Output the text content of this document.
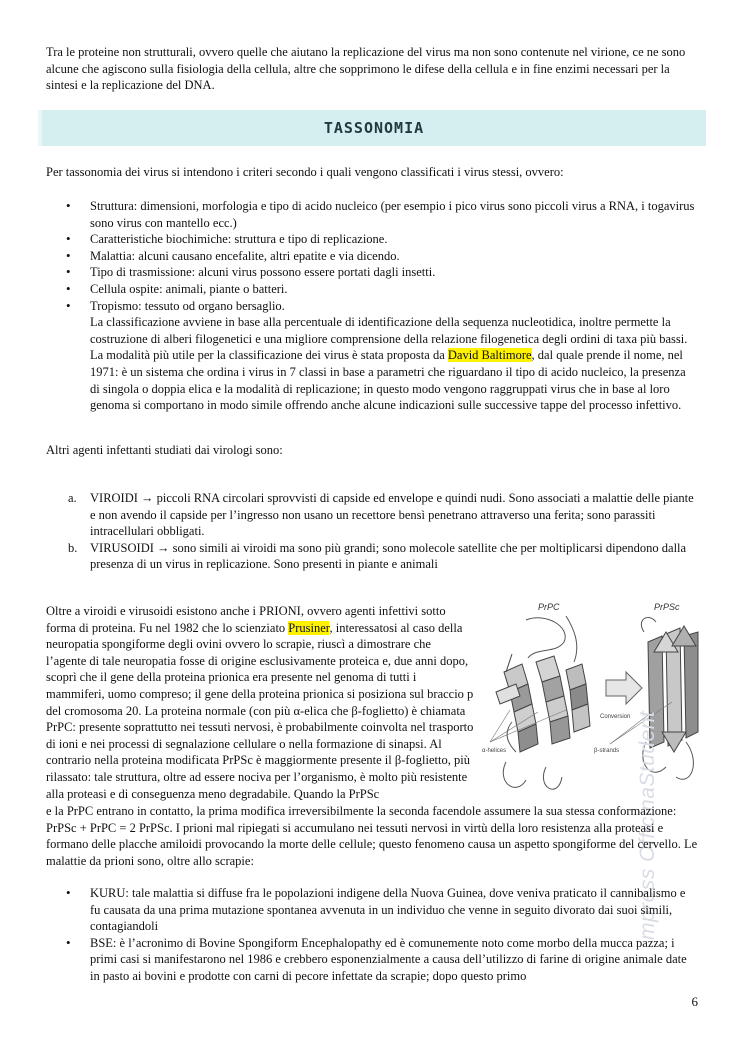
Tra le proteine non strutturali, ovvero quelle che aiutano la replicazione del virus ma non sono contenute nel virione, ce ne sono alcune che agiscono sulla fisiologia della cellula, altre che sopprimono le difese della cellula e in fine enzimi necessari per la sintesi e la replicazione del DNA.

TASSONOMIA

Per tassonomia dei virus si intendono i criteri secondo i quali vengono classificati i virus stessi, ovvero:

• Struttura: dimensioni, morfologia e tipo di acido nucleico (per esempio i pico virus sono piccoli virus a RNA, i togavirus sono virus con mantello ecc.)
• Caratteristiche biochimiche: struttura e tipo di replicazione.
• Malattia: alcuni causano encefalite, altri epatite e via dicendo.
• Tipo di trasmissione: alcuni virus possono essere portati dagli insetti.
• Cellula ospite: animali, piante o batteri.
• Tropismo: tessuto od organo bersaglio.
La classificazione avviene in base alla percentuale di identificazione della sequenza nucleotidica, inoltre permette la costruzione di alberi filogenetici e una migliore comprensione della relazione filogenetica degli ordini di taxa più bassi. La modalità più utile per la classificazione dei virus è stata proposta da David Baltimore, dal quale prende il nome, nel 1971: è un sistema che ordina i virus in 7 classi in base a parametri che riguardano il tipo di acido nucleico, la presenza di singola o doppia elica e la modalità di replicazione; in questo modo vengono raggruppati virus che in base al loro genoma si comportano in modo simile offrendo anche alcune indicazioni sulle successive tappe del processo infettivo.

Altri agenti infettanti studiati dai virologi sono:

a. VIROIDI → piccoli RNA circolari sprovvisti di capside ed envelope e quindi nudi. Sono associati a malattie delle piante e non avendo il capside per l’ingresso non usano un recettore bensì penetrano attraverso una ferita; sono parassiti intracellulari obbligati.
b. VIRUSOIDI → sono simili ai viroidi ma sono più grandi; sono molecole satellite che per moltiplicarsi dipendono dalla presenza di un virus in replicazione. Sono presenti in piante e animali

Oltre a viroidi e virusoidi esistono anche i PRIONI, ovvero agenti infettivi sotto forma di proteina. Fu nel 1982 che lo scienziato Prusiner, interessatosi al caso della neuropatia spongiforme degli ovini ovvero lo scrapie, riuscì a dimostrare che l’agente di tale neuropatia fosse di origine esclusivamente proteica e, due anni dopo, scoprì che il gene della proteina prionica era presente nel genoma di tutti i mammiferi, uomo compreso; il gene della proteina prionica si posiziona sul braccio p del cromosoma 20. La proteina normale (con più α-elica che β-foglietto) è chiamata PrPC: presente soprattutto nei tessuti nervosi, è probabilmente coinvolta nel trasporto di ioni e nei processi di segnalazione cellulare o nella formazione di sinapsi. Al contrario nella proteina modificata PrPSc è maggiormente presente il β-foglietto, più rilassato: tale struttura, oltre ad essere nociva per l’organismo, è molto più resistente alla proteasi e di conseguenza meno degradabile. Quando la PrPSc

PrPC	PrPSc
Conversion
α-helices	β-strands mpress OfficinaStudent

e la PrPC entrano in contatto, la prima modifica irreversibilmente la seconda facendole assumere la sua stessa conformazione: PrPSc + PrPC = 2 PrPSc. I prioni mal ripiegati si accumulano nei tessuti nervosi in virtù della loro resistenza alla proteasi e formano delle placche amiloidi provocando la morte delle cellule; questo fenomeno causa un aspetto spongiforme del cervello. Le malattie da prioni sono, oltre allo scrapie:

• KURU: tale malattia si diffuse fra le popolazioni indigene della Nuova Guinea, dove veniva praticato il cannibalismo e fu causata da una prima mutazione spontanea avvenuta in un individuo che venne in seguito divorato dai suoi simili, contagiandoli
• BSE: è l’acronimo di Bovine Spongiform Encephalopathy ed è comunemente noto come morbo della mucca pazza; i primi casi si manifestarono nel 1986 e crebbero esponenzialmente a causa dell’utilizzo di farine di origine animale date in pasto ai bovini e prodotte con carni di pecore infettate da scrapie; dopo questo primo
6
